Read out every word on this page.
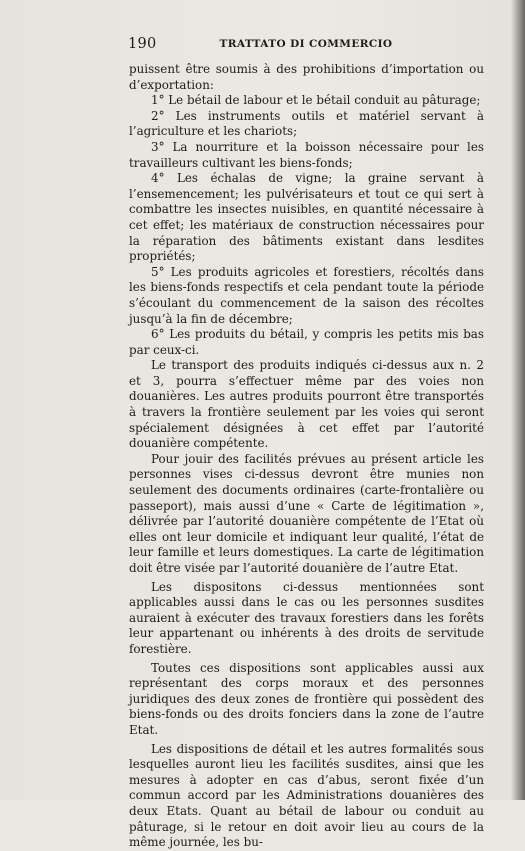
190	TRATTATO DI COMMERCIO

puissent être soumis à des prohibitions d’importation ou d’exportation:

1° Le bétail de labour et le bétail conduit au pâturage;

2° Les instruments outils et matériel servant à l’agriculture et les chariots;

3° La nourriture et la boisson nécessaire pour les travailleurs cultivant les biens-fonds;

4° Les échalas de vigne; la graine servant à l’ensemencement; les pulvérisateurs et tout ce qui sert à combattre les insectes nuisibles, en quantité nécessaire à cet effet; les matériaux de construction nécessaires pour la réparation des bâtiments existant dans lesdites propriétés;

5° Les produits agricoles et forestiers, récoltés dans les biens-fonds respectifs et cela pendant toute la période s’écoulant du commencement de la saison des récoltes jusqu’à la fin de décembre;

6° Les produits du bétail, y compris les petits mis bas par ceux-ci.

Le transport des produits indiqués ci-dessus aux n. 2 et 3, pourra s’effectuer même par des voies non douanières. Les autres produits pourront être transportés à travers la frontière seulement par les voies qui seront spécialement désignées à cet effet par l’autorité douanière compétente.

Pour jouir des facilités prévues au présent article les personnes vises ci-dessus devront être munies non seulement des documents ordinaires (carte-frontalière ou passeport), mais aussi d’une « Carte de légitimation », délivrée par l’autorité douanière compétente de l’Etat où elles ont leur domicile et indiquant leur qualité, l’état de leur famille et leurs domestiques. La carte de légitimation doit être visée par l’autorité douanière de l’autre Etat.

Les dispositons ci-dessus mentionnées sont applicables aussi dans le cas ou les personnes susdites auraient à exécuter des travaux forestiers dans les forêts leur appartenant ou inhérents à des droits de servitude forestière.

Toutes ces dispositions sont applicables aussi aux représentant des corps moraux et des personnes juridiques des deux zones de frontière qui possèdent des biens-fonds ou des droits fonciers dans la zone de l’autre Etat.

Les dispositions de détail et les autres formalités sous lesquelles auront lieu les facilités susdites, ainsi que les mesures à adopter en cas d’abus, seront fixée d’un commun accord par les Administrations douanières des deux Etats. Quant au bétail de labour ou conduit au pâturage, si le retour en doit avoir lieu au cours de la même journée, les bu-
